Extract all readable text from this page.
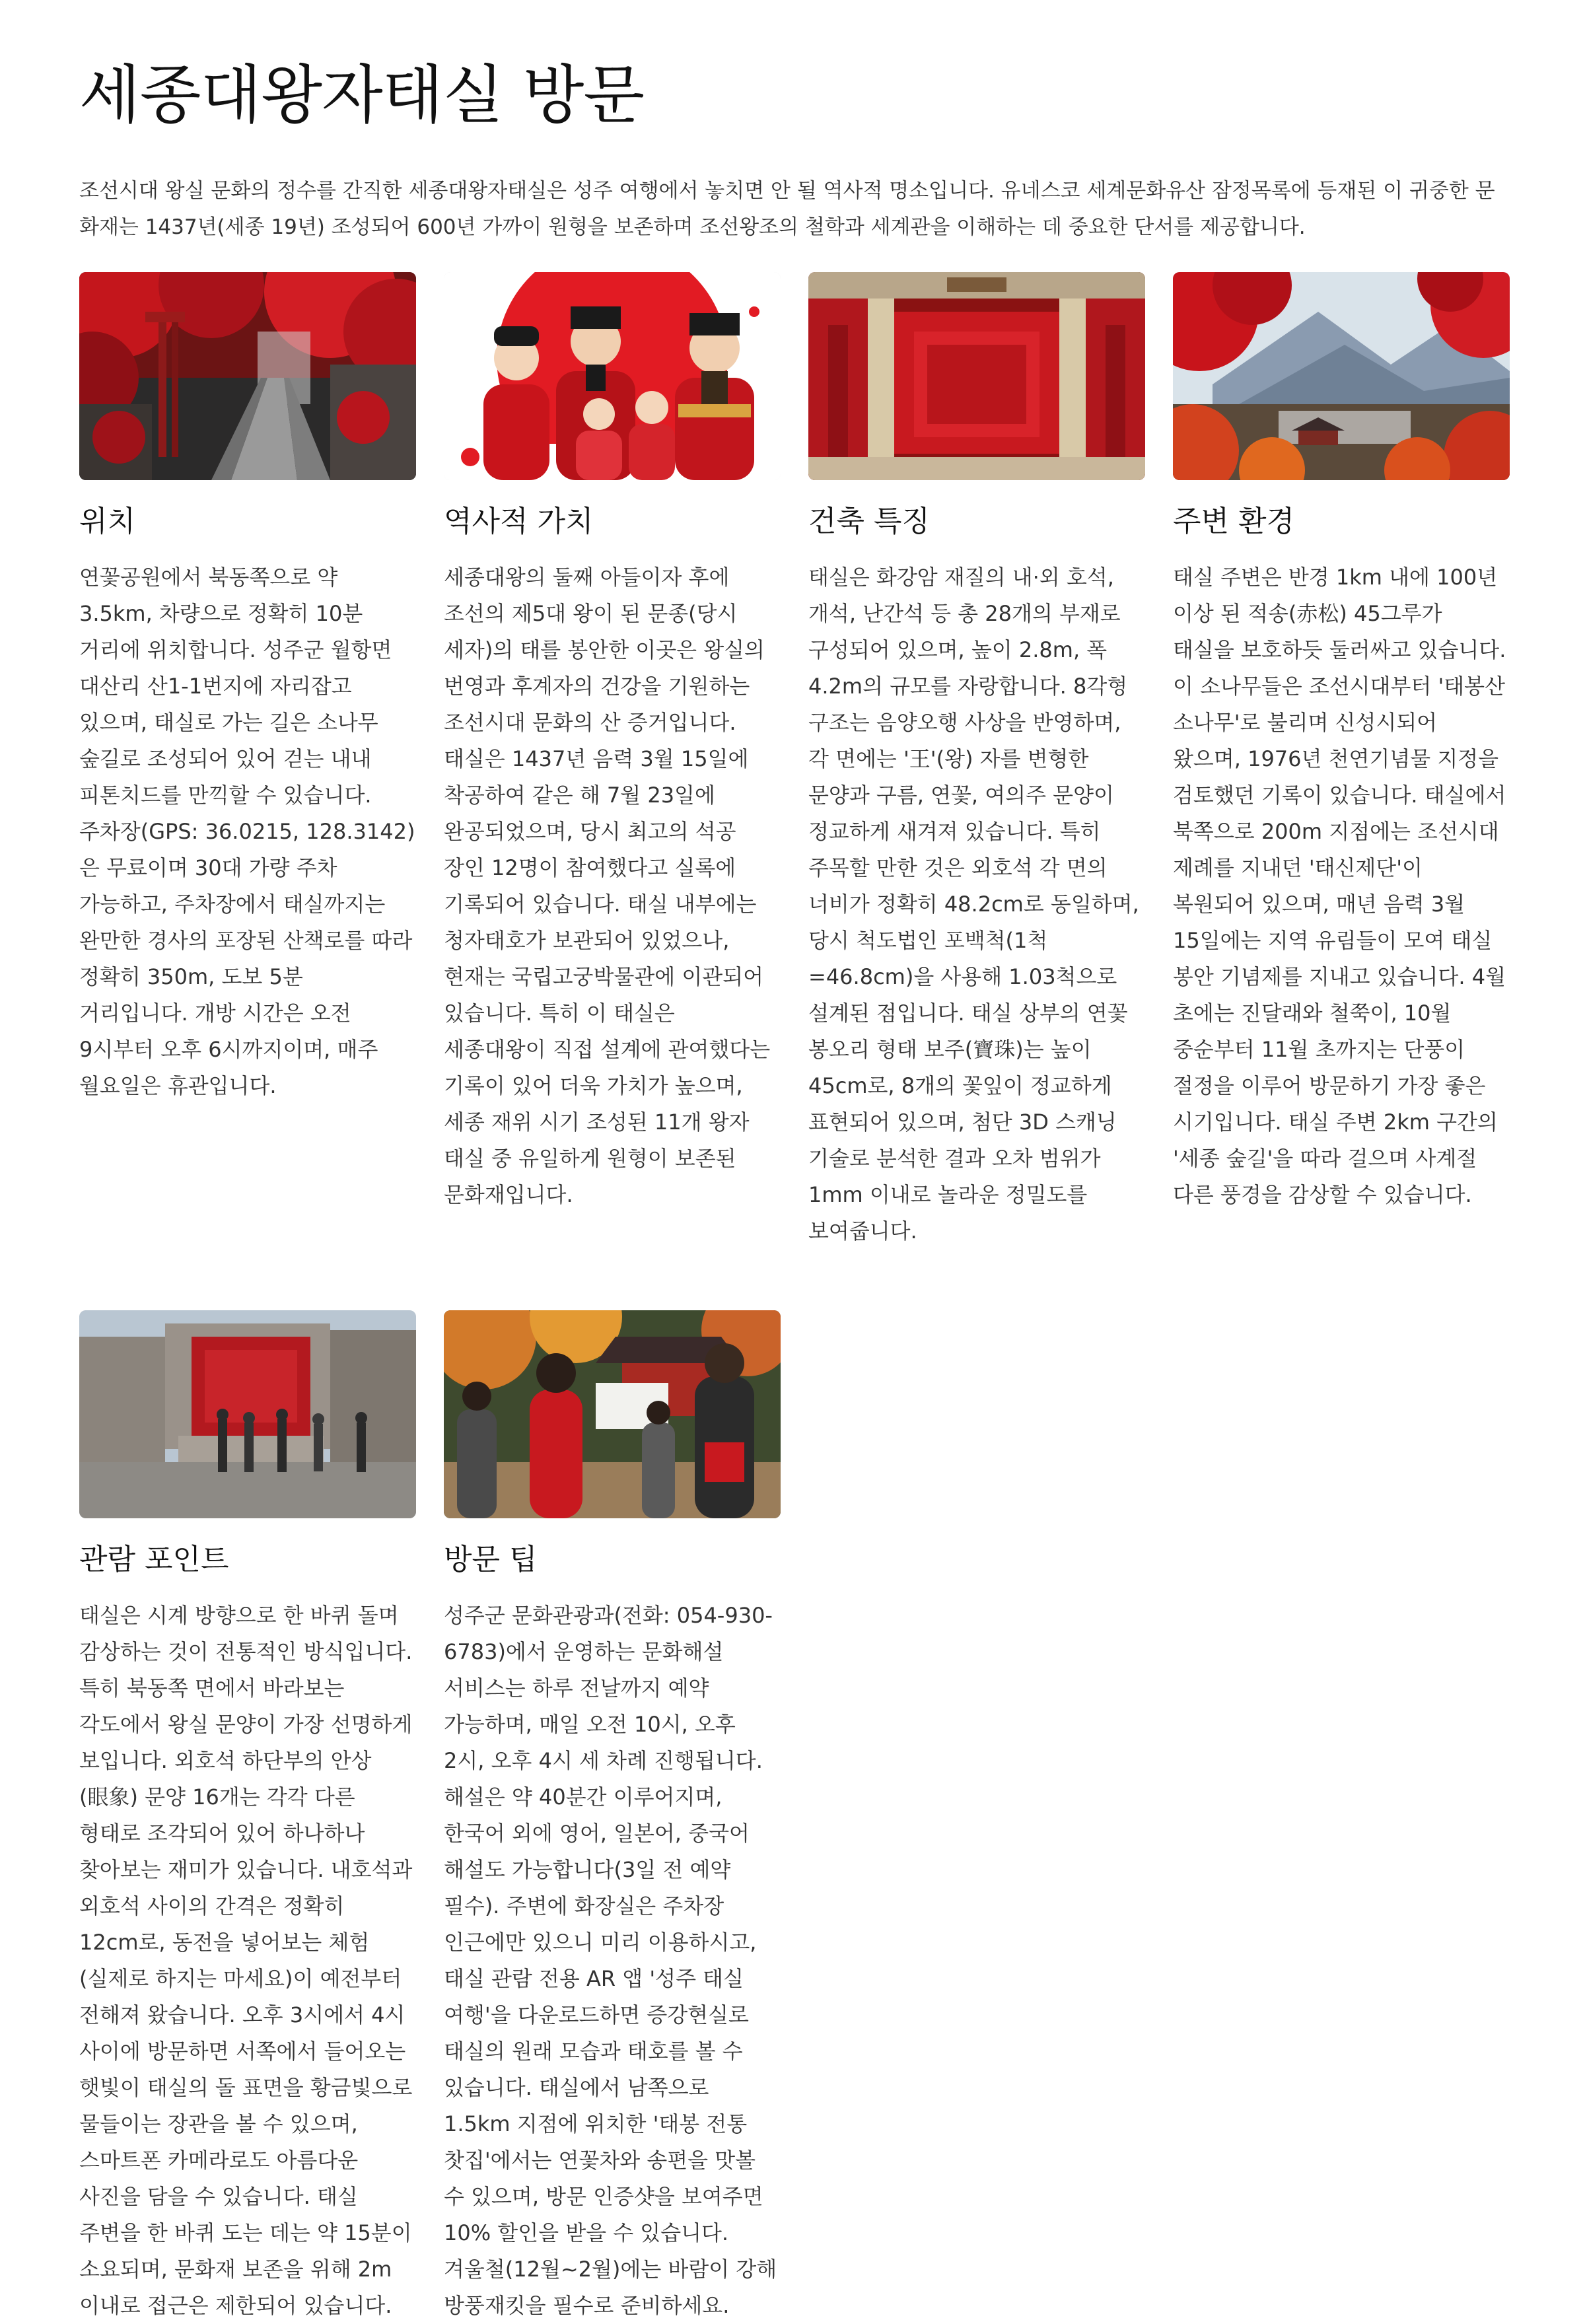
세종대왕자태실 방문

조선시대 왕실 문화의 정수를 간직한 세종대왕자태실은 성주 여행에서 놓치면 안 될 역사적 명소입니다. 유네스코 세계문화유산 잠정목록에 등재된 이 귀중한 문화재는 1437년(세종 19년) 조성되어 600년 가까이 원형을 보존하며 조선왕조의 철학과 세계관을 이해하는 데 중요한 단서를 제공합니다.

위치

연꽃공원에서 북동쪽으로 약 3.5km, 차량으로 정확히 10분 거리에 위치합니다. 성주군 월항면 대산리 산1-1번지에 자리잡고 있으며, 태실로 가는 길은 소나무 숲길로 조성되어 있어 걷는 내내 피톤치드를 만끽할 수 있습니다. 주차장(GPS: 36.0215, 128.3142)은 무료이며 30대 가량 주차 가능하고, 주차장에서 태실까지는 완만한 경사의 포장된 산책로를 따라 정확히 350m, 도보 5분 거리입니다. 개방 시간은 오전 9시부터 오후 6시까지이며, 매주 월요일은 휴관입니다.

역사적 가치

세종대왕의 둘째 아들이자 후에 조선의 제5대 왕이 된 문종(당시 세자)의 태를 봉안한 이곳은 왕실의 번영과 후계자의 건강을 기원하는 조선시대 문화의 산 증거입니다. 태실은 1437년 음력 3월 15일에 착공하여 같은 해 7월 23일에 완공되었으며, 당시 최고의 석공 장인 12명이 참여했다고 실록에 기록되어 있습니다. 태실 내부에는 청자태호가 보관되어 있었으나, 현재는 국립고궁박물관에 이관되어 있습니다. 특히 이 태실은 세종대왕이 직접 설계에 관여했다는 기록이 있어 더욱 가치가 높으며, 세종 재위 시기 조성된 11개 왕자 태실 중 유일하게 원형이 보존된 문화재입니다.

건축 특징

태실은 화강암 재질의 내·외 호석, 개석, 난간석 등 총 28개의 부재로 구성되어 있으며, 높이 2.8m, 폭 4.2m의 규모를 자랑합니다. 8각형 구조는 음양오행 사상을 반영하며, 각 면에는 '王'(왕) 자를 변형한 문양과 구름, 연꽃, 여의주 문양이 정교하게 새겨져 있습니다. 특히 주목할 만한 것은 외호석 각 면의 너비가 정확히 48.2cm로 동일하며, 당시 척도법인 포백척(1척=46.8cm)을 사용해 1.03척으로 설계된 점입니다. 태실 상부의 연꽃 봉오리 형태 보주(寶珠)는 높이 45cm로, 8개의 꽃잎이 정교하게 표현되어 있으며, 첨단 3D 스캐닝 기술로 분석한 결과 오차 범위가 1mm 이내로 놀라운 정밀도를 보여줍니다.

주변 환경

태실 주변은 반경 1km 내에 100년 이상 된 적송(赤松) 45그루가 태실을 보호하듯 둘러싸고 있습니다. 이 소나무들은 조선시대부터 '태봉산 소나무'로 불리며 신성시되어 왔으며, 1976년 천연기념물 지정을 검토했던 기록이 있습니다. 태실에서 북쪽으로 200m 지점에는 조선시대 제례를 지내던 '태신제단'이 복원되어 있으며, 매년 음력 3월 15일에는 지역 유림들이 모여 태실 봉안 기념제를 지내고 있습니다. 4월 초에는 진달래와 철쭉이, 10월 중순부터 11월 초까지는 단풍이 절정을 이루어 방문하기 가장 좋은 시기입니다. 태실 주변 2km 구간의 '세종 숲길'을 따라 걸으며 사계절 다른 풍경을 감상할 수 있습니다.

관람 포인트

태실은 시계 방향으로 한 바퀴 돌며 감상하는 것이 전통적인 방식입니다. 특히 북동쪽 면에서 바라보는 각도에서 왕실 문양이 가장 선명하게 보입니다. 외호석 하단부의 안상(眼象) 문양 16개는 각각 다른 형태로 조각되어 있어 하나하나 찾아보는 재미가 있습니다. 내호석과 외호석 사이의 간격은 정확히 12cm로, 동전을 넣어보는 체험(실제로 하지는 마세요)이 예전부터 전해져 왔습니다. 오후 3시에서 4시 사이에 방문하면 서쪽에서 들어오는 햇빛이 태실의 돌 표면을 황금빛으로 물들이는 장관을 볼 수 있으며, 스마트폰 카메라로도 아름다운 사진을 담을 수 있습니다. 태실 주변을 한 바퀴 도는 데는 약 15분이 소요되며, 문화재 보존을 위해 2m 이내로 접근은 제한되어 있습니다.

방문 팁

성주군 문화관광과(전화: 054-930-6783)에서 운영하는 문화해설 서비스는 하루 전날까지 예약 가능하며, 매일 오전 10시, 오후 2시, 오후 4시 세 차례 진행됩니다. 해설은 약 40분간 이루어지며, 한국어 외에 영어, 일본어, 중국어 해설도 가능합니다(3일 전 예약 필수). 주변에 화장실은 주차장 인근에만 있으니 미리 이용하시고, 태실 관람 전용 AR 앱 '성주 태실 여행'을 다운로드하면 증강현실로 태실의 원래 모습과 태호를 볼 수 있습니다. 태실에서 남쪽으로 1.5km 지점에 위치한 '태봉 전통 찻집'에서는 연꽃차와 송편을 맛볼 수 있으며, 방문 인증샷을 보여주면 10% 할인을 받을 수 있습니다. 겨울철(12월~2월)에는 바람이 강해 방풍재킷을 필수로 준비하세요.
